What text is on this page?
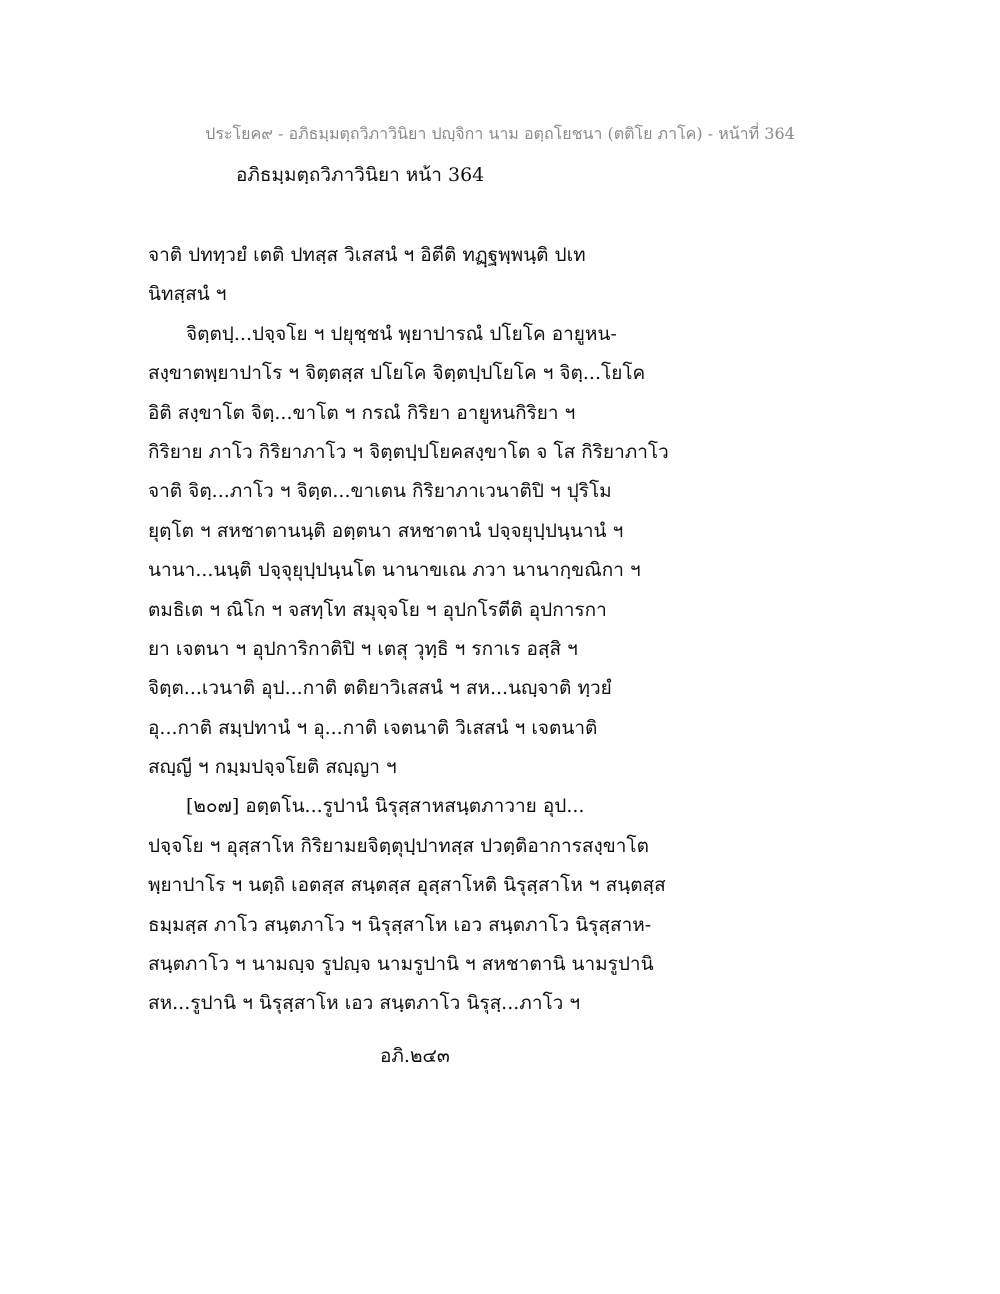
ประโยค๙ - อภิธมฺมตฺถวิภาวินิยา ปญฺจิกา นาม อตฺถโยชนา (ตติโย ภาโค) - หน้าที่ 364
อภิธมฺมตฺถวิภาวินิยา หน้า 364
จาติ ปททฺวยํ เตติ ปทสฺส วิเสสนํ ฯ อิตีติ ทฏฺฐพฺพนฺติ ปเท
นิทสฺสนํ ฯ
จิตฺตปฺ...ปจฺจโย ฯ ปยุชฺชนํ พฺยาปารณํ ปโยโค อายูหน-
สงฺขาตพฺยาปาโร ฯ จิตฺตสฺส ปโยโค จิตฺตปฺปโยโค ฯ จิตฺ...โยโค
อิติ สงฺขาโต จิตฺ...ขาโต ฯ กรณํ กิริยา อายูหนกิริยา ฯ
กิริยาย ภาโว กิริยาภาโว ฯ จิตฺตปฺปโยคสงฺขาโต จ โส กิริยาภาโว
จาติ จิตฺ...ภาโว ฯ จิตฺต...ขาเตน กิริยาภาเวนาติปิ ฯ ปุริโม
ยุตฺโต ฯ สหชาตานนฺติ อตฺตนา สหชาตานํ ปจฺจยุปฺปนฺนานํ ฯ
นานา...นนฺติ ปจฺจุยุปฺปนฺนโต นานาขเณ ภวา นานากฺขณิกา ฯ
ตมธิเต ฯ ณิโก ฯ จสทฺโท สมุจฺจโย ฯ อุปกโรตีติ อุปการกา
ยา เจตนา ฯ อุปการิกาติปิ ฯ เตสุ วุทฺธิ ฯ รกาเร อสฺสิ ฯ
จิตฺต...เวนาติ อุป...กาติ ตติยาวิเสสนํ ฯ สห...นญฺจาติ ทฺวยํ
อุ...กาติ สมฺปทานํ ฯ อุ...กาติ เจตนาติ วิเสสนํ ฯ เจตนาติ
สญฺญี ฯ กมฺมปจฺจโยติ สญฺญา ฯ
[๒๐๗] อตฺตโน...รูปานํ นิรุสฺสาหสนฺตภาวาย อุป...
ปจฺจโย ฯ อุสฺสาโห กิริยามยจิตฺตุปฺปาทสฺส ปวตฺติอาการสงฺขาโต
พฺยาปาโร ฯ นตฺถิ เอตสฺส สนฺตสฺส อุสฺสาโหติ นิรุสฺสาโห ฯ สนฺตสฺส
ธมฺมสฺส ภาโว สนฺตภาโว ฯ นิรุสฺสาโห เอว สนฺตภาโว นิรุสฺสาห-
สนฺตภาโว ฯ นามญฺจ รูปญฺจ นามรูปานิ ฯ สหชาตานิ นามรูปานิ
สห...รูปานิ ฯ นิรุสฺสาโห เอว สนฺตภาโว นิรุสฺ...ภาโว ฯ
อภิ.๒๔๓
